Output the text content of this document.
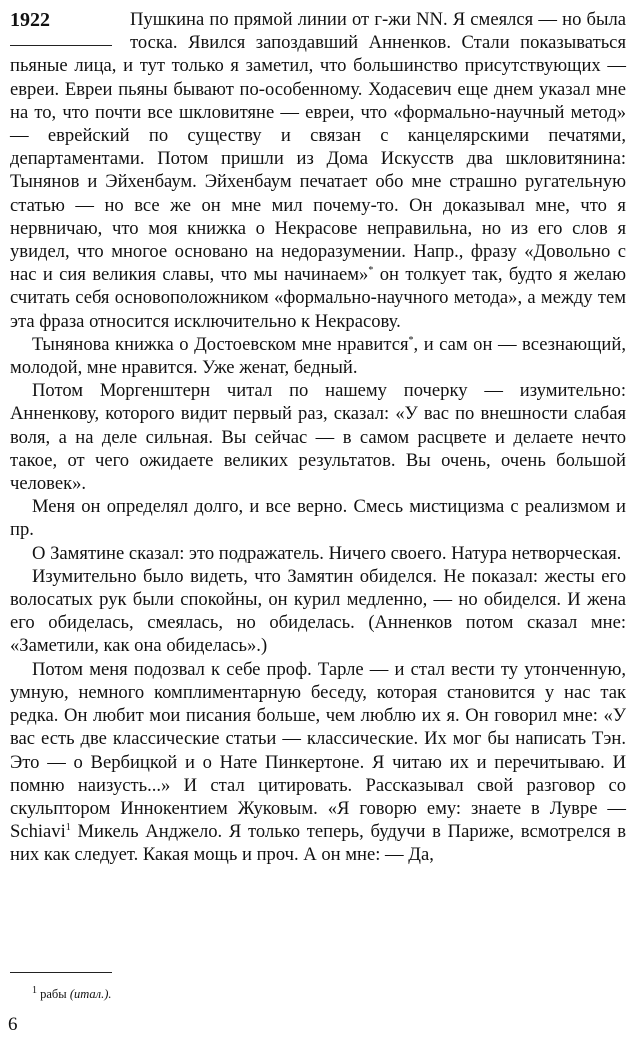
1922	Пушкина по прямой линии от г-жи NN. Я смеялся — но была тоска. Явился запоздавший Анненков. Стали показываться пьяные лица, и тут только я заметил, что большинство присутствующих — евреи. Евреи пьяны бывают по-особенному. Ходасевич еще днем указал мне на то, что почти все шкловитяне — евреи, что «формально-научный метод» — еврейский по существу и связан с канцелярскими печатями, департаментами. Потом пришли из Дома Искусств два шкловитянина: Тынянов и Эйхенбаум. Эйхенбаум печатает обо мне страшно ругательную статью — но все же он мне мил почему-то. Он доказывал мне, что я нервничаю, что моя книжка о Некрасове неправильна, но из его слов я увидел, что многое основано на недоразумении. Напр., фразу «Довольно с нас и сия великия славы, что мы начинаем»* он толкует так, будто я желаю считать себя основоположником «формально-научного метода», а между тем эта фраза относится исключительно к Некрасову.

Тынянова книжка о Достоевском мне нравится*, и сам он — всезнающий, молодой, мне нравится. Уже женат, бедный.

Потом Моргенштерн читал по нашему почерку — изумительно: Анненкову, которого видит первый раз, сказал: «У вас по внешности слабая воля, а на деле сильная. Вы сейчас — в самом расцвете и делаете нечто такое, от чего ожидаете великих результатов. Вы очень, очень большой человек».

Меня он определял долго, и все верно. Смесь мистицизма с реализмом и пр.

О Замятине сказал: это подражатель. Ничего своего. Натура нетворческая.

Изумительно было видеть, что Замятин обиделся. Не показал: жесты его волосатых рук были спокойны, он курил медленно, — но обиделся. И жена его обиделась, смеялась, но обиделась. (Анненков потом сказал мне: «Заметили, как она обиделась».)

Потом меня подозвал к себе проф. Тарле — и стал вести ту утонченную, умную, немного комплиментарную беседу, которая становится у нас так редка. Он любит мои писания больше, чем люблю их я. Он говорил мне: «У вас есть две классические статьи — классические. Их мог бы написать Тэн. Это — о Вербицкой и о Нате Пинкертоне. Я читаю их и перечитываю. И помню наизусть...» И стал цитировать. Рассказывал свой разговор со скульптором Иннокентием Жуковым. «Я говорю ему: знаете в Лувре — Schiavi$^1$ Микель Анджело. Я только теперь, будучи в Париже, всмотрелся в них как следует. Какая мощь и проч. А он мне: — Да,

$^1$ рабы (итал.).
6
